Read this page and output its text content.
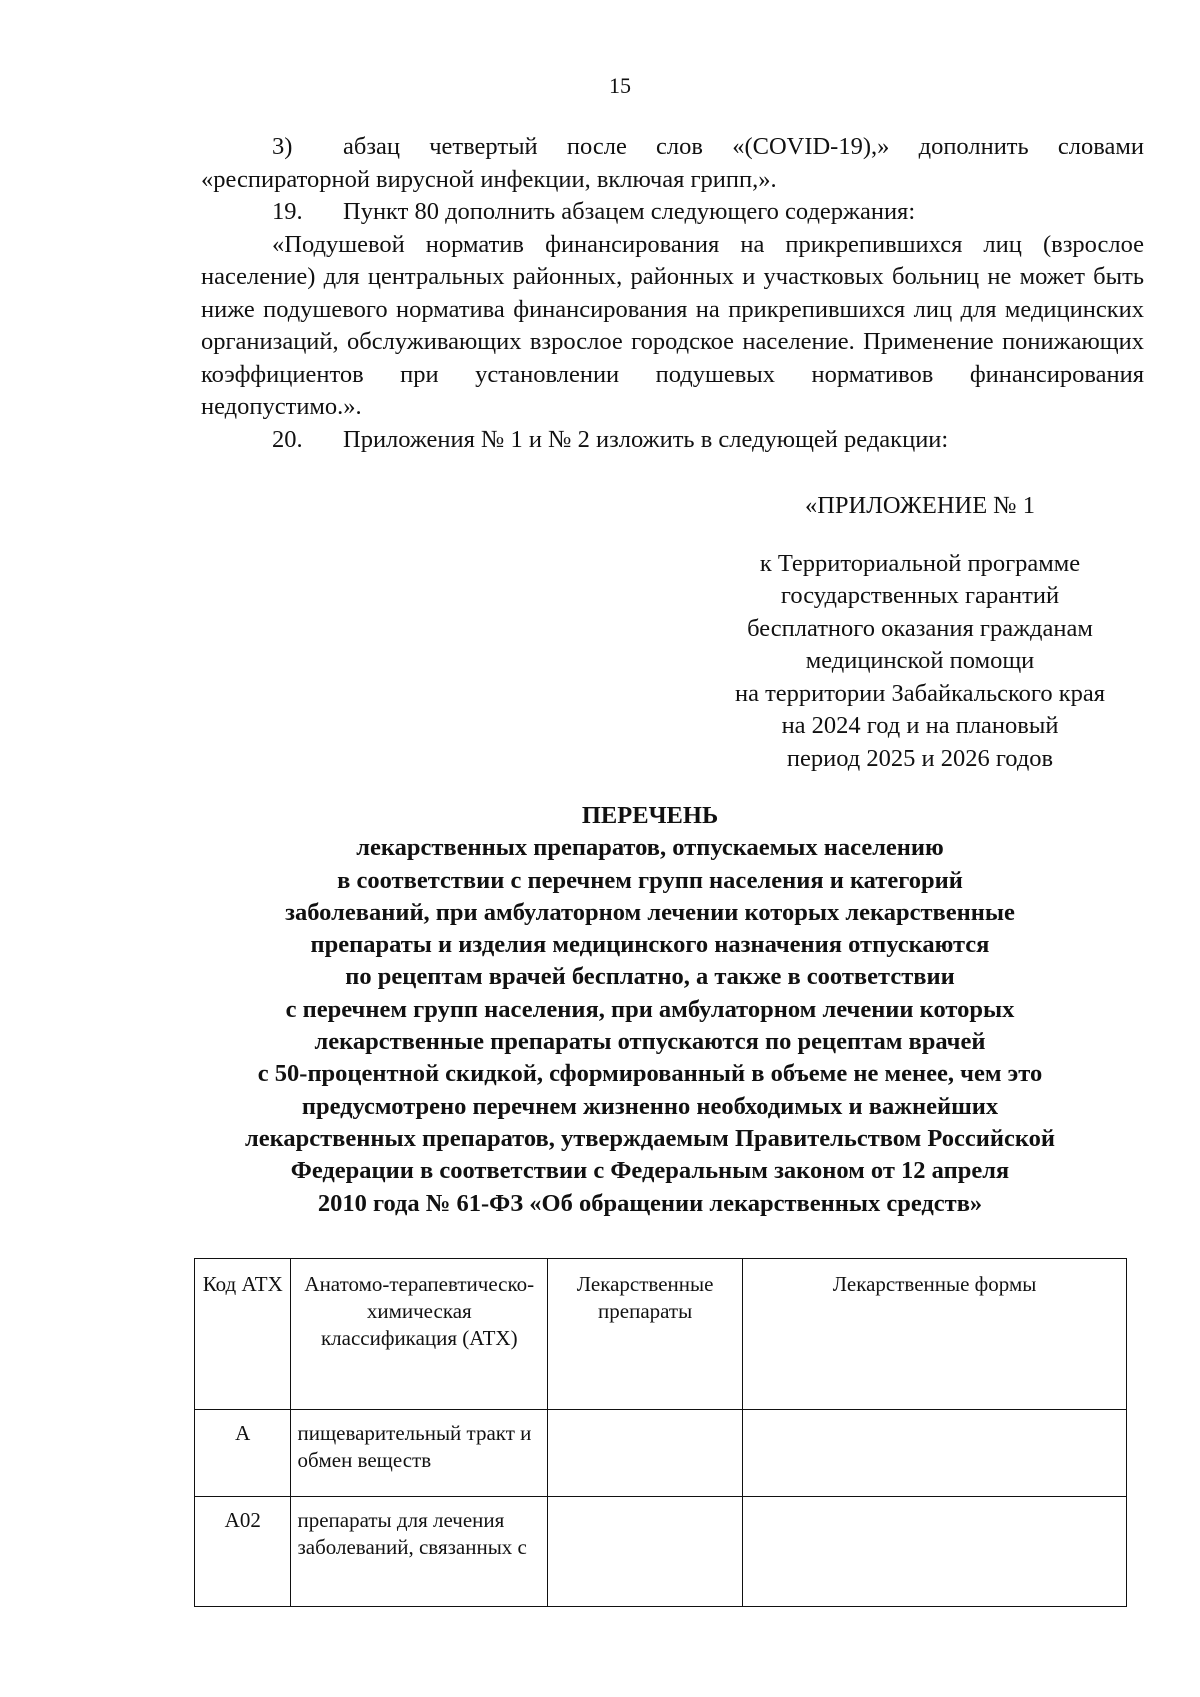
15

3) абзац четвертый после слов «(COVID-19),» дополнить словами «респираторной вирусной инфекции, включая грипп,».

19. Пункт 80 дополнить абзацем следующего содержания:

«Подушевой норматив финансирования на прикрепившихся лиц (взрослое население) для центральных районных, районных и участковых больниц не может быть ниже подушевого норматива финансирования на прикрепившихся лиц для медицинских организаций, обслуживающих взрослое городское население. Применение понижающих коэффициентов при установлении подушевых нормативов финансирования недопустимо.».

20. Приложения № 1 и № 2 изложить в следующей редакции:

«ПРИЛОЖЕНИЕ № 1

к Территориальной программе
государственных гарантий
бесплатного оказания гражданам
медицинской помощи
на территории Забайкальского края
на 2024 год и на плановый
период 2025 и 2026 годов
ПЕРЕЧЕНЬ
лекарственных препаратов, отпускаемых населению
в соответствии с перечнем групп населения и категорий
заболеваний, при амбулаторном лечении которых лекарственные
препараты и изделия медицинского назначения отпускаются
по рецептам врачей бесплатно, а также в соответствии
с перечнем групп населения, при амбулаторном лечении которых
лекарственные препараты отпускаются по рецептам врачей
с 50-процентной скидкой, сформированный в объеме не менее, чем это
предусмотрено перечнем жизненно необходимых и важнейших
лекарственных препаратов, утверждаемым Правительством Российской
Федерации в соответствии с Федеральным законом от 12 апреля
2010 года № 61-ФЗ «Об обращении лекарственных средств»
Код АТХ	Анатомо-терапевтическо-химическая классификация (АТХ)	Лекарственные препараты	Лекарственные формы
A	пищеварительный тракт и обмен веществ		
A02	препараты для лечения заболеваний, связанных с		
